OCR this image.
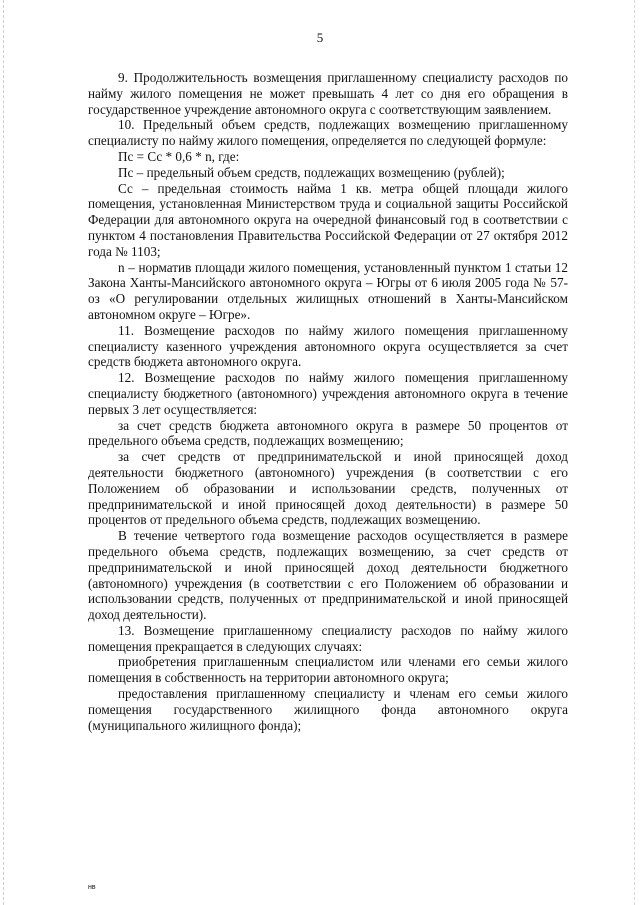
5

9. Продолжительность возмещения приглашенному специалисту расходов по найму жилого помещения не может превышать 4 лет со дня его обращения в государственное учреждение автономного округа с соответствующим заявлением.

10. Предельный объем средств, подлежащих возмещению приглашенному специалисту по найму жилого помещения, определяется по следующей формуле:

Пс = Сс * 0,6 * n, где:

Пс – предельный объем средств, подлежащих возмещению (рублей);

Сс – предельная стоимость найма 1 кв. метра общей площади жилого помещения, установленная Министерством труда и социальной защиты Российской Федерации для автономного округа на очередной финансовый год в соответствии с пунктом 4 постановления Правительства Российской Федерации от 27 октября 2012 года № 1103;

n – норматив площади жилого помещения, установленный пунктом 1 статьи 12 Закона Ханты-Мансийского автономного округа – Югры от 6 июля 2005 года № 57-оз «О регулировании отдельных жилищных отношений в Ханты-Мансийском автономном округе – Югре».

11. Возмещение расходов по найму жилого помещения приглашенному специалисту казенного учреждения автономного округа осуществляется за счет средств бюджета автономного округа.

12. Возмещение расходов по найму жилого помещения приглашенному специалисту бюджетного (автономного) учреждения автономного округа в течение первых 3 лет осуществляется:

за счет средств бюджета автономного округа в размере 50 процентов от предельного объема средств, подлежащих возмещению;

за счет средств от предпринимательской и иной приносящей доход деятельности бюджетного (автономного) учреждения (в соответствии с его Положением об образовании и использовании средств, полученных от предпринимательской и иной приносящей доход деятельности) в размере 50 процентов от предельного объема средств, подлежащих возмещению.

В течение четвертого года возмещение расходов осуществляется в размере предельного объема средств, подлежащих возмещению, за счет средств от предпринимательской и иной приносящей доход деятельности бюджетного (автономного) учреждения (в соответствии с его Положением об образовании и использовании средств, полученных от предпринимательской и иной приносящей доход деятельности).

13. Возмещение приглашенному специалисту расходов по найму жилого помещения прекращается в следующих случаях:

приобретения приглашенным специалистом или членами его семьи жилого помещения в собственность на территории автономного округа;

предоставления приглашенному специалисту и членам его семьи жилого помещения государственного жилищного фонда автономного округа (муниципального жилищного фонда);

нв
